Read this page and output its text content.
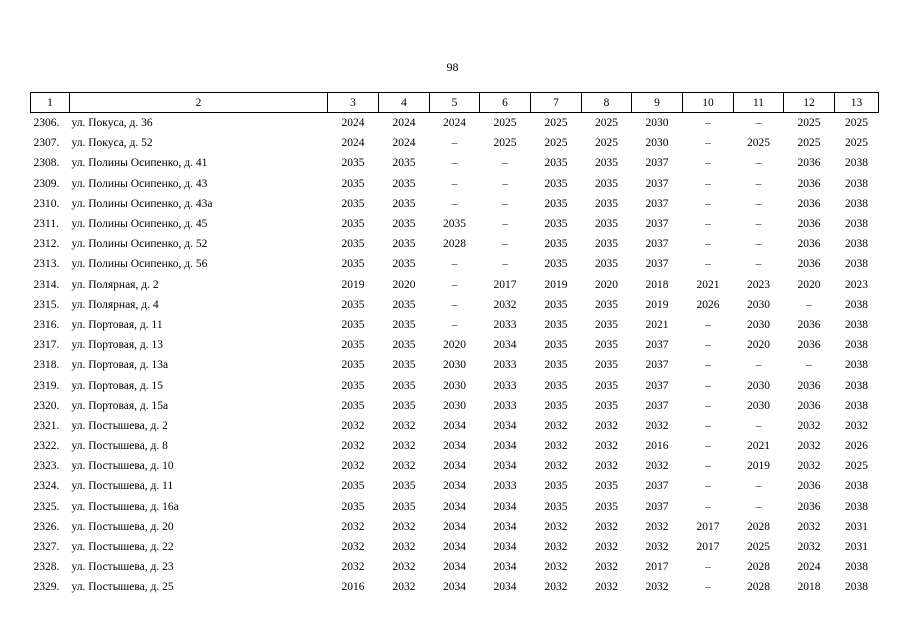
98
1	2	3	4	5	6	7	8	9	10	11	12	13
2306.	ул. Покуса, д. 36	2024	2024	2024	2025	2025	2025	2030	–	–	2025	2025
2307.	ул. Покуса, д. 52	2024	2024	–	2025	2025	2025	2030	–	2025	2025	2025
2308.	ул. Полины Осипенко, д. 41	2035	2035	–	–	2035	2035	2037	–	–	2036	2038
2309.	ул. Полины Осипенко, д. 43	2035	2035	–	–	2035	2035	2037	–	–	2036	2038
2310.	ул. Полины Осипенко, д. 43а	2035	2035	–	–	2035	2035	2037	–	–	2036	2038
2311.	ул. Полины Осипенко, д. 45	2035	2035	2035	–	2035	2035	2037	–	–	2036	2038
2312.	ул. Полины Осипенко, д. 52	2035	2035	2028	–	2035	2035	2037	–	–	2036	2038
2313.	ул. Полины Осипенко, д. 56	2035	2035	–	–	2035	2035	2037	–	–	2036	2038
2314.	ул. Полярная, д. 2	2019	2020	–	2017	2019	2020	2018	2021	2023	2020	2023
2315.	ул. Полярная, д. 4	2035	2035	–	2032	2035	2035	2019	2026	2030	–	2038
2316.	ул. Портовая, д. 11	2035	2035	–	2033	2035	2035	2021	–	2030	2036	2038
2317.	ул. Портовая, д. 13	2035	2035	2020	2034	2035	2035	2037	–	2020	2036	2038
2318.	ул. Портовая, д. 13а	2035	2035	2030	2033	2035	2035	2037	–	–	–	2038
2319.	ул. Портовая, д. 15	2035	2035	2030	2033	2035	2035	2037	–	2030	2036	2038
2320.	ул. Портовая, д. 15а	2035	2035	2030	2033	2035	2035	2037	–	2030	2036	2038
2321.	ул. Постышева, д. 2	2032	2032	2034	2034	2032	2032	2032	–	–	2032	2032
2322.	ул. Постышева, д. 8	2032	2032	2034	2034	2032	2032	2016	–	2021	2032	2026
2323.	ул. Постышева, д. 10	2032	2032	2034	2034	2032	2032	2032	–	2019	2032	2025
2324.	ул. Постышева, д. 11	2035	2035	2034	2033	2035	2035	2037	–	–	2036	2038
2325.	ул. Постышева, д. 16а	2035	2035	2034	2034	2035	2035	2037	–	–	2036	2038
2326.	ул. Постышева, д. 20	2032	2032	2034	2034	2032	2032	2032	2017	2028	2032	2031
2327.	ул. Постышева, д. 22	2032	2032	2034	2034	2032	2032	2032	2017	2025	2032	2031
2328.	ул. Постышева, д. 23	2032	2032	2034	2034	2032	2032	2017	–	2028	2024	2038
2329.	ул. Постышева, д. 25	2016	2032	2034	2034	2032	2032	2032	–	2028	2018	2038
